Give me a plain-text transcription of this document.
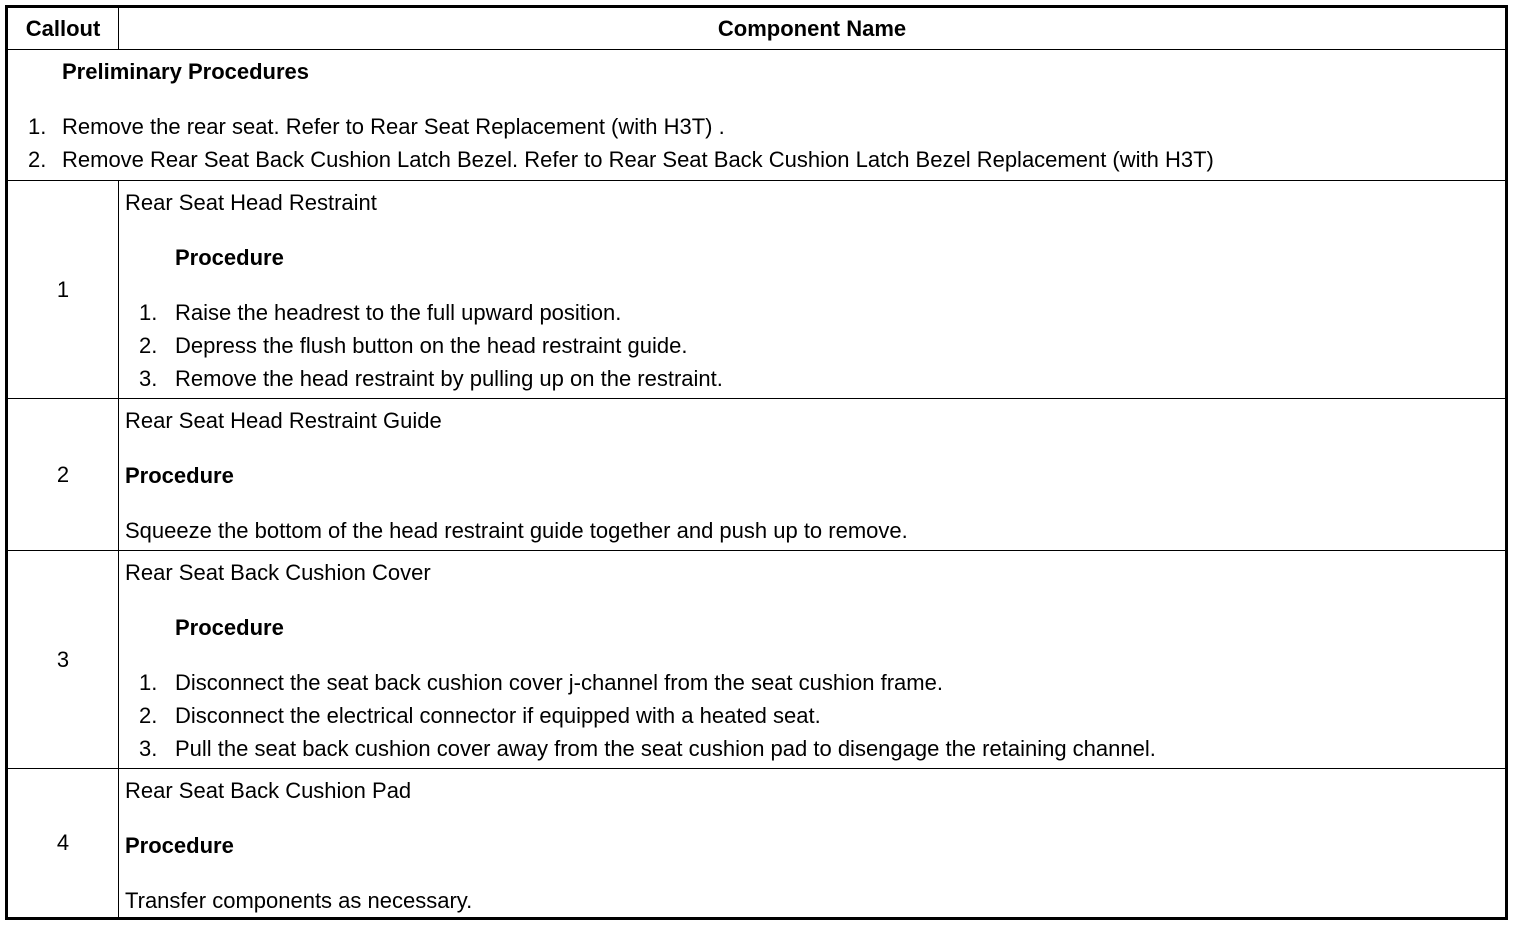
Callout	Component Name
Preliminary Procedures
1. Remove the rear seat. Refer to Rear Seat Replacement (with H3T) .
2. Remove Rear Seat Back Cushion Latch Bezel. Refer to Rear Seat Back Cushion Latch Bezel Replacement (with H3T)
1
Rear Seat Head Restraint
Procedure
1. Raise the headrest to the full upward position.
2. Depress the flush button on the head restraint guide.
3. Remove the head restraint by pulling up on the restraint.
2
Rear Seat Head Restraint Guide
Procedure
Squeeze the bottom of the head restraint guide together and push up to remove.
3
Rear Seat Back Cushion Cover
Procedure
1. Disconnect the seat back cushion cover j-channel from the seat cushion frame.
2. Disconnect the electrical connector if equipped with a heated seat.
3. Pull the seat back cushion cover away from the seat cushion pad to disengage the retaining channel.
4
Rear Seat Back Cushion Pad
Procedure
Transfer components as necessary.
